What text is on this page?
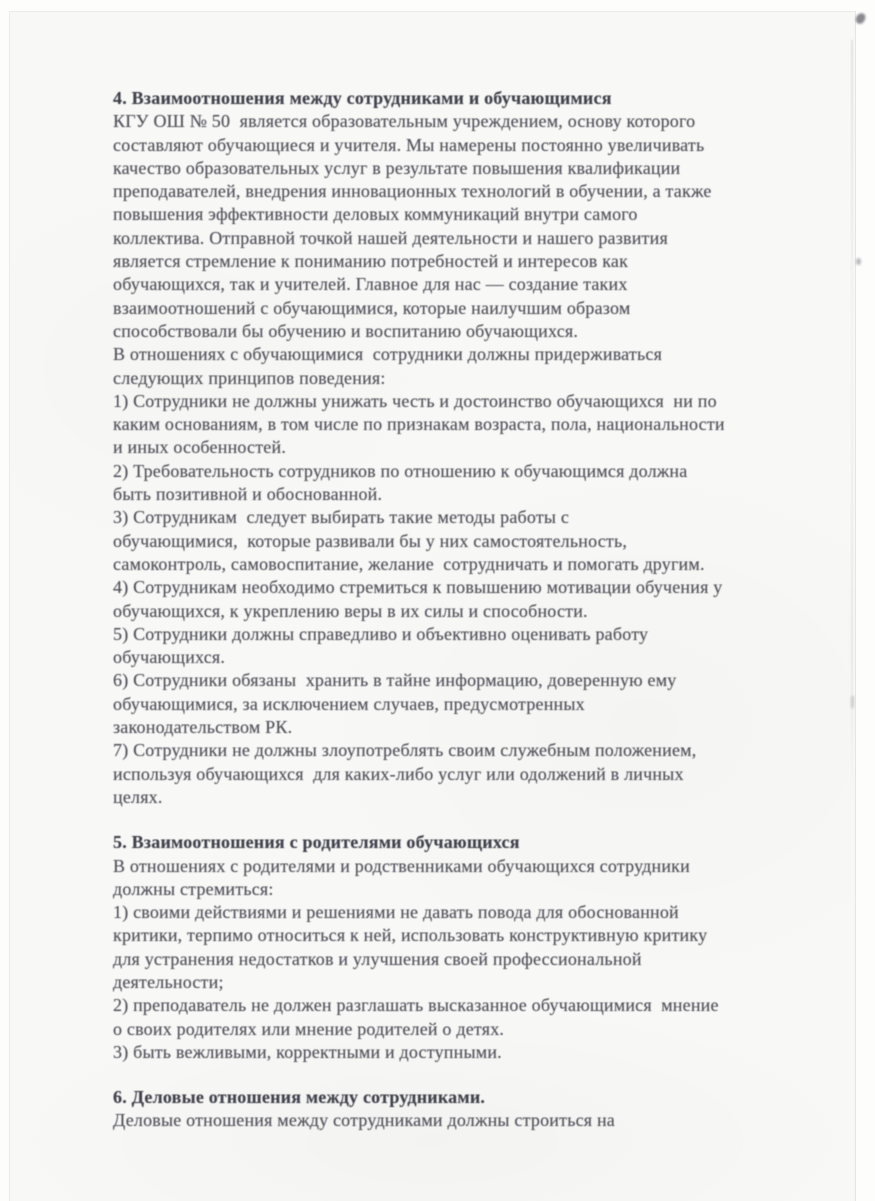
4. Взаимоотношения между сотрудниками и обучающимися
КГУ ОШ № 50  является образовательным учреждением, основу которого
составляют обучающиеся и учителя. Мы намерены постоянно увеличивать
качество образовательных услуг в результате повышения квалификации
преподавателей, внедрения инновационных технологий в обучении, а также
повышения эффективности деловых коммуникаций внутри самого
коллектива. Отправной точкой нашей деятельности и нашего развития
является стремление к пониманию потребностей и интересов как
обучающихся, так и учителей. Главное для нас — создание таких
взаимоотношений с обучающимися, которые наилучшим образом
способствовали бы обучению и воспитанию обучающихся.
В отношениях с обучающимися  сотрудники должны придерживаться
следующих принципов поведения:
1) Сотрудники не должны унижать честь и достоинство обучающихся  ни по
каким основаниям, в том числе по признакам возраста, пола, национальности
и иных особенностей.
2) Требовательность сотрудников по отношению к обучающимся должна
быть позитивной и обоснованной.
3) Сотрудникам  следует выбирать такие методы работы с
обучающимися,  которые развивали бы у них самостоятельность,
самоконтроль, самовоспитание, желание  сотрудничать и помогать другим.
4) Сотрудникам необходимо стремиться к повышению мотивации обучения у
обучающихся, к укреплению веры в их силы и способности.
5) Сотрудники должны справедливо и объективно оценивать работу
обучающихся.
6) Сотрудники обязаны  хранить в тайне информацию, доверенную ему
обучающимися, за исключением случаев, предусмотренных
законодательством РК.
7) Сотрудники не должны злоупотреблять своим служебным положением,
используя обучающихся  для каких-либо услуг или одолжений в личных
целях.
5. Взаимоотношения с родителями обучающихся
В отношениях с родителями и родственниками обучающихся сотрудники
должны стремиться:
1) своими действиями и решениями не давать повода для обоснованной
критики, терпимо относиться к ней, использовать конструктивную критику
для устранения недостатков и улучшения своей профессиональной
деятельности;
2) преподаватель не должен разглашать высказанное обучающимися  мнение
о своих родителях или мнение родителей о детях.
3) быть вежливыми, корректными и доступными.
6. Деловые отношения между сотрудниками.
Деловые отношения между сотрудниками должны строиться на
